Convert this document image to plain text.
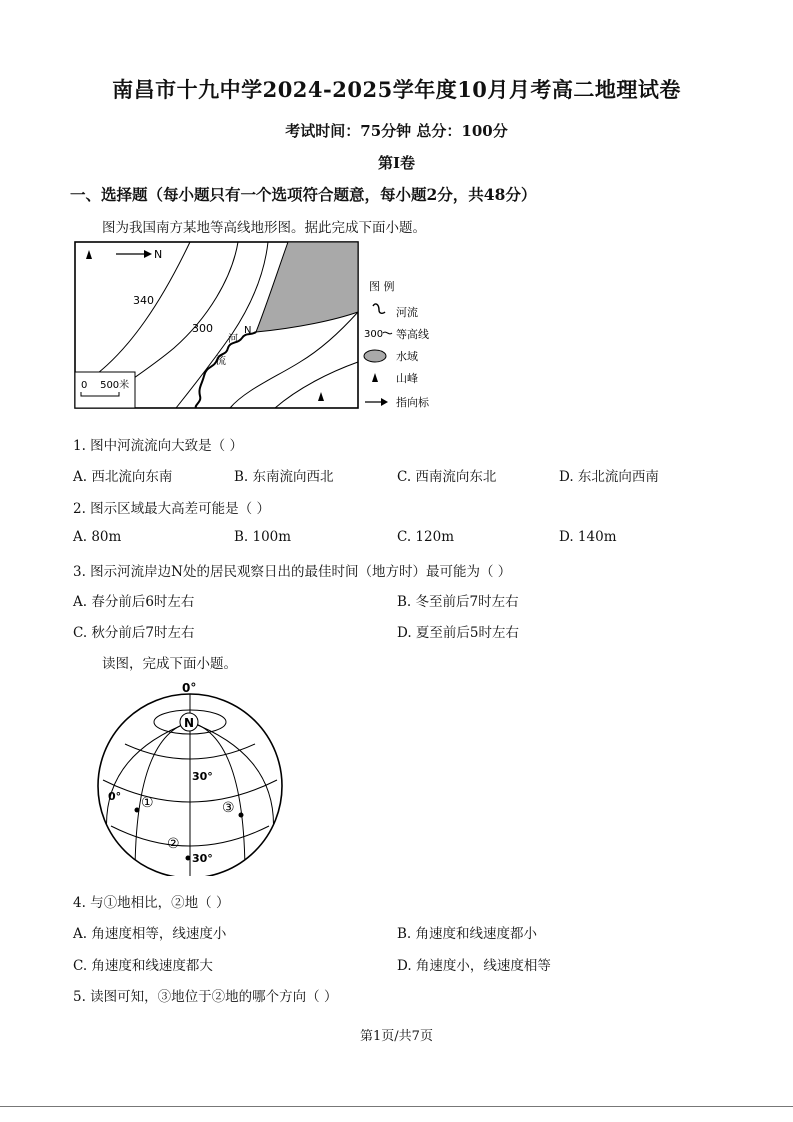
南昌市十九中学2024-2025学年度10月月考高二地理试卷
考试时间：75分钟 总分：100分
第I卷
一、选择题（每小题只有一个选项符合题意，每小题2分，共48分）
图为我国南方某地等高线地形图。据此完成下面小题。
340
300	N
河
流
N
0    500米
图 例
河流
300 等高线
水域
山峰
指向标
1. 图中河流流向大致是（ ）
A. 西北流向东南	B. 东南流向西北	C. 西南流向东北	D. 东北流向西南
2. 图示区域最大高差可能是（ ）
A. 80m	B. 100m	C. 120m	D. 140m
3. 图示河流岸边N处的居民观察日出的最佳时间（地方时）最可能为（ ）
A. 春分前后6时左右	B. 冬至前后7时左右
C. 秋分前后7时左右	D. 夏至前后5时左右
读图，完成下面小题。
N
0°
30°
0° ①	③
②
30°
4. 与①地相比，②地（ ）
A. 角速度相等，线速度小	B. 角速度和线速度都小
C. 角速度和线速度都大	D. 角速度小，线速度相等
5. 读图可知，③地位于②地的哪个方向（ ）
第1页/共7页
